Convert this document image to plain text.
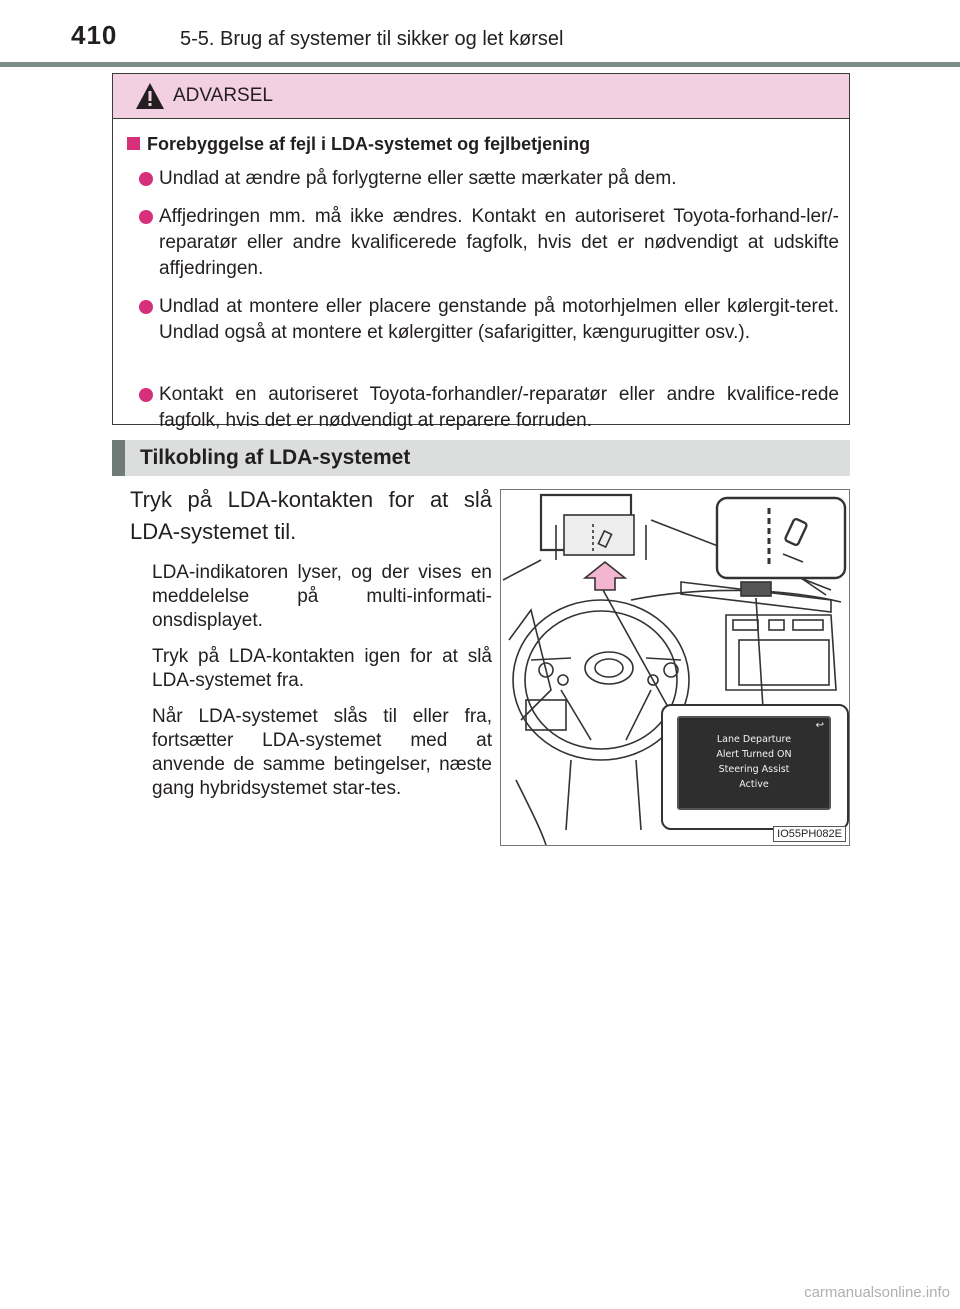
410	5-5. Brug af systemer til sikker og let kørsel
ADVARSEL
Forebyggelse af fejl i LDA-systemet og fejlbetjening
Undlad at ændre på forlygterne eller sætte mærkater på dem.
Affjedringen mm. må ikke ændres. Kontakt en autoriseret Toyota-forhand-ler/-reparatør eller andre kvalificerede fagfolk, hvis det er nødvendigt at udskifte affjedringen.
Undlad at montere eller placere genstande på motorhjelmen eller kølergit-teret. Undlad også at montere et kølergitter (safarigitter, kængurugitter osv.).
Kontakt en autoriseret Toyota-forhandler/-reparatør eller andre kvalifice-rede fagfolk, hvis det er nødvendigt at reparere forruden.
Tilkobling af LDA-systemet

Tryk på LDA-kontakten for at slå LDA-systemet til.

LDA-indikatoren lyser, og der vises en meddelelse på multi-informati-onsdisplayet.

Tryk på LDA-kontakten igen for at slå LDA-systemet fra.

Når LDA-systemet slås til eller fra, fortsætter LDA-systemet med at anvende de samme betingelser, næste gang hybridsystemet star-tes.

↩
Lane Departure
Alert Turned ON
Steering Assist
Active
IO55PH082E
carmanualsonline.info
